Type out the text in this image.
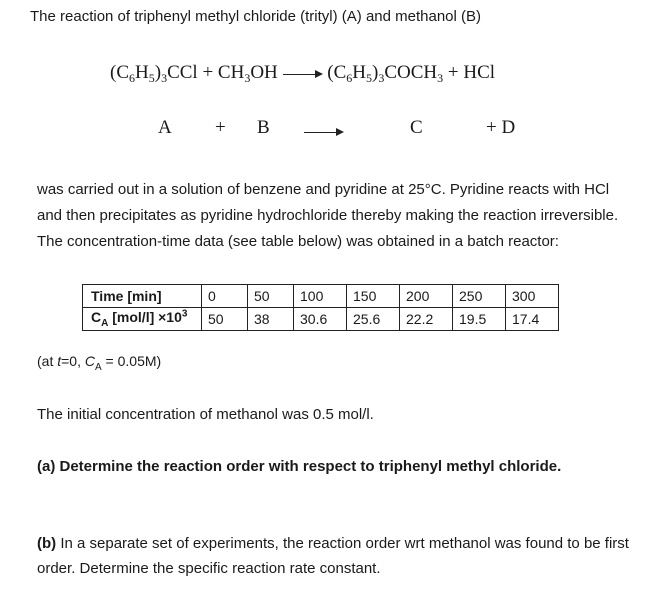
The reaction of triphenyl methyl chloride (trityl) (A) and methanol (B)
$(C_6H_5)_3CCl + CH_3OH$	$(C_6H_5)_3COCH_3$ + HCl
A + B	C	+ D
was carried out in a solution of benzene and pyridine at 25°C. Pyridine reacts with HCl
and then precipitates as pyridine hydrochloride thereby making the reaction irreversible.
The concentration-time data (see table below) was obtained in a batch reactor:
Time [min]	0	50	100	150	200	250	300
$C_A$ $[mol/l] \times 10^3$	50	38	30.6	25.6	22.2	19.5	17.4
(at t=0, $C_A = 0.05M$)
The initial concentration of methanol was 0.5 mol/l.
(a) Determine the reaction order with respect to triphenyl methyl chloride.
(b) In a separate set of experiments, the reaction order wrt methanol was found to be first
order. Determine the specific reaction rate constant.
